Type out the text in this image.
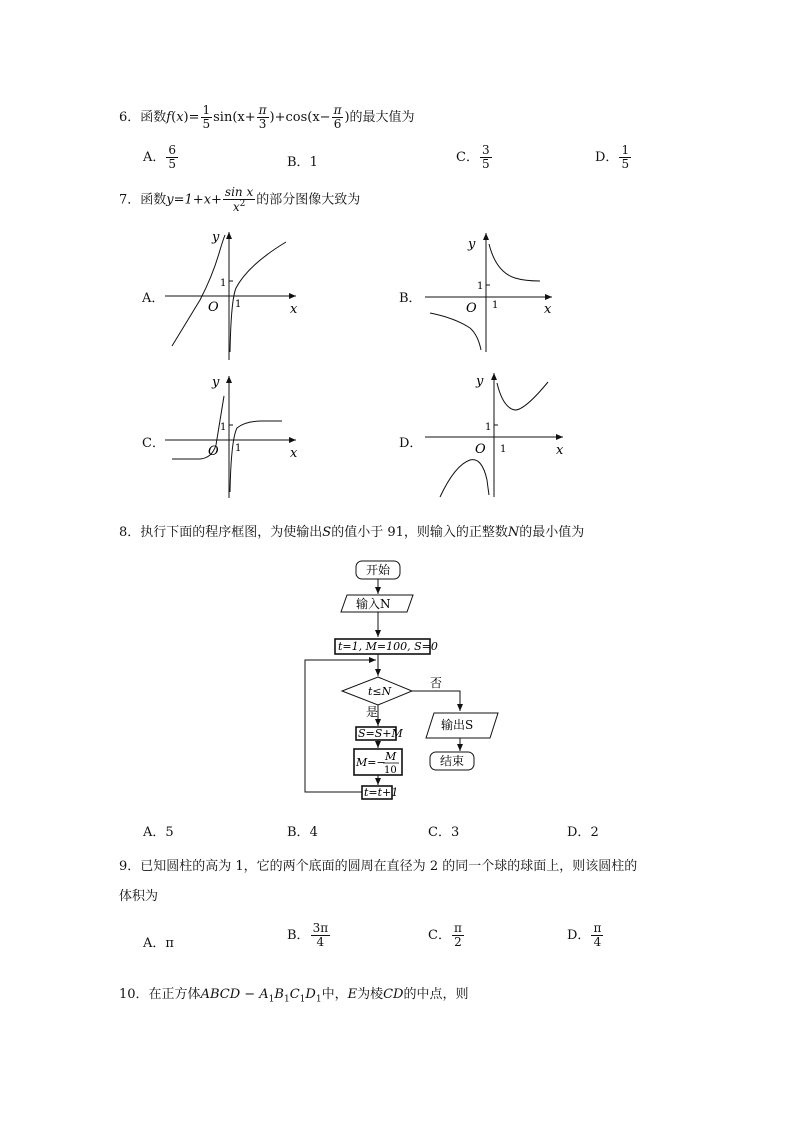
6．函数$f(x)= \frac{1}{5} \sin(x+ \frac{\pi}{3} )+\cos(x- \frac{\pi}{6}$ )的最大值为
A． $\frac{6}{5}$	B．1	C． $\frac{3}{5}$	D． $\frac{1}{5}$
7．函数$y=1+x+ \frac{\text{sin x}}{x^2}$ 的部分图像大致为
A．	B．
C．	D．
y
x
O
1
1
y
x
O
1
1
y
x
O
1
1
y
x
O
1
1
8．执行下面的程序框图，为使输出S的值小于 91，则输入的正整数N的最小值为
开始
输入N
t=1, M=100, S=0
t≤N
否
是
S=S+M
M=− M
10
t=t+1
输出S
结束
A．5	B．4	C．3	D．2
9．已知圆柱的高为 1，它的两个底面的圆周在直径为 2 的同一个球的球面上，则该圆柱的
体积为
A．π
B． $\frac{3\pi}{4}$	C． $\frac{\pi}{2}$	D． $\frac{\pi}{4}$
10．在正方体ABCD − $A_1B_1C_1D_1$中，E为棱CD的中点，则
